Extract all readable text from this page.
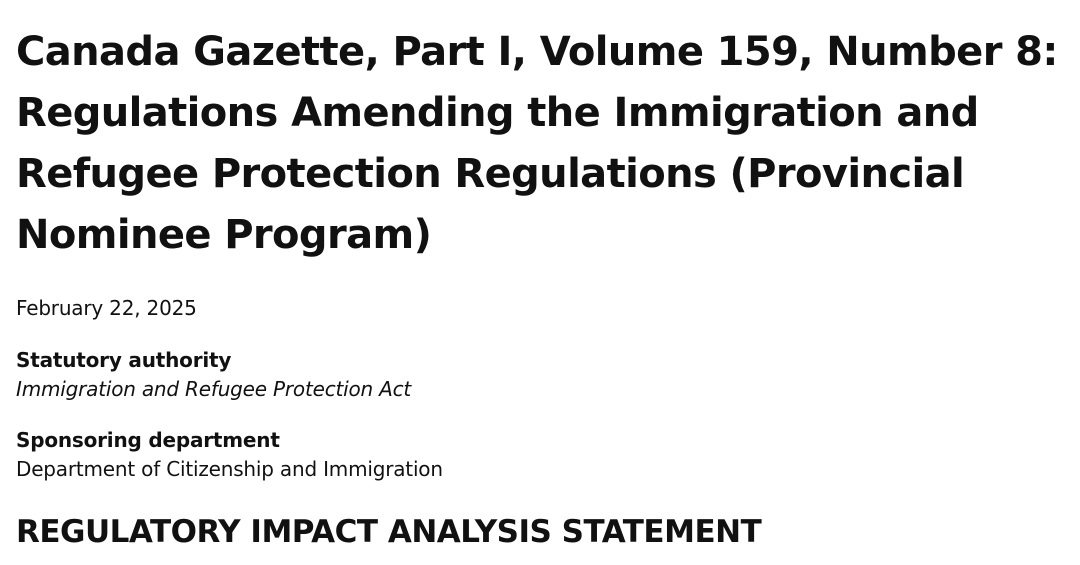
Canada Gazette, Part I, Volume 159, Number 8: Regulations Amending the Immigration and Refugee Protection Regulations (Provincial Nominee Program)

February 22, 2025

Statutory authority
Immigration and Refugee Protection Act
Sponsoring department
Department of Citizenship and Immigration
REGULATORY IMPACT ANALYSIS STATEMENT
